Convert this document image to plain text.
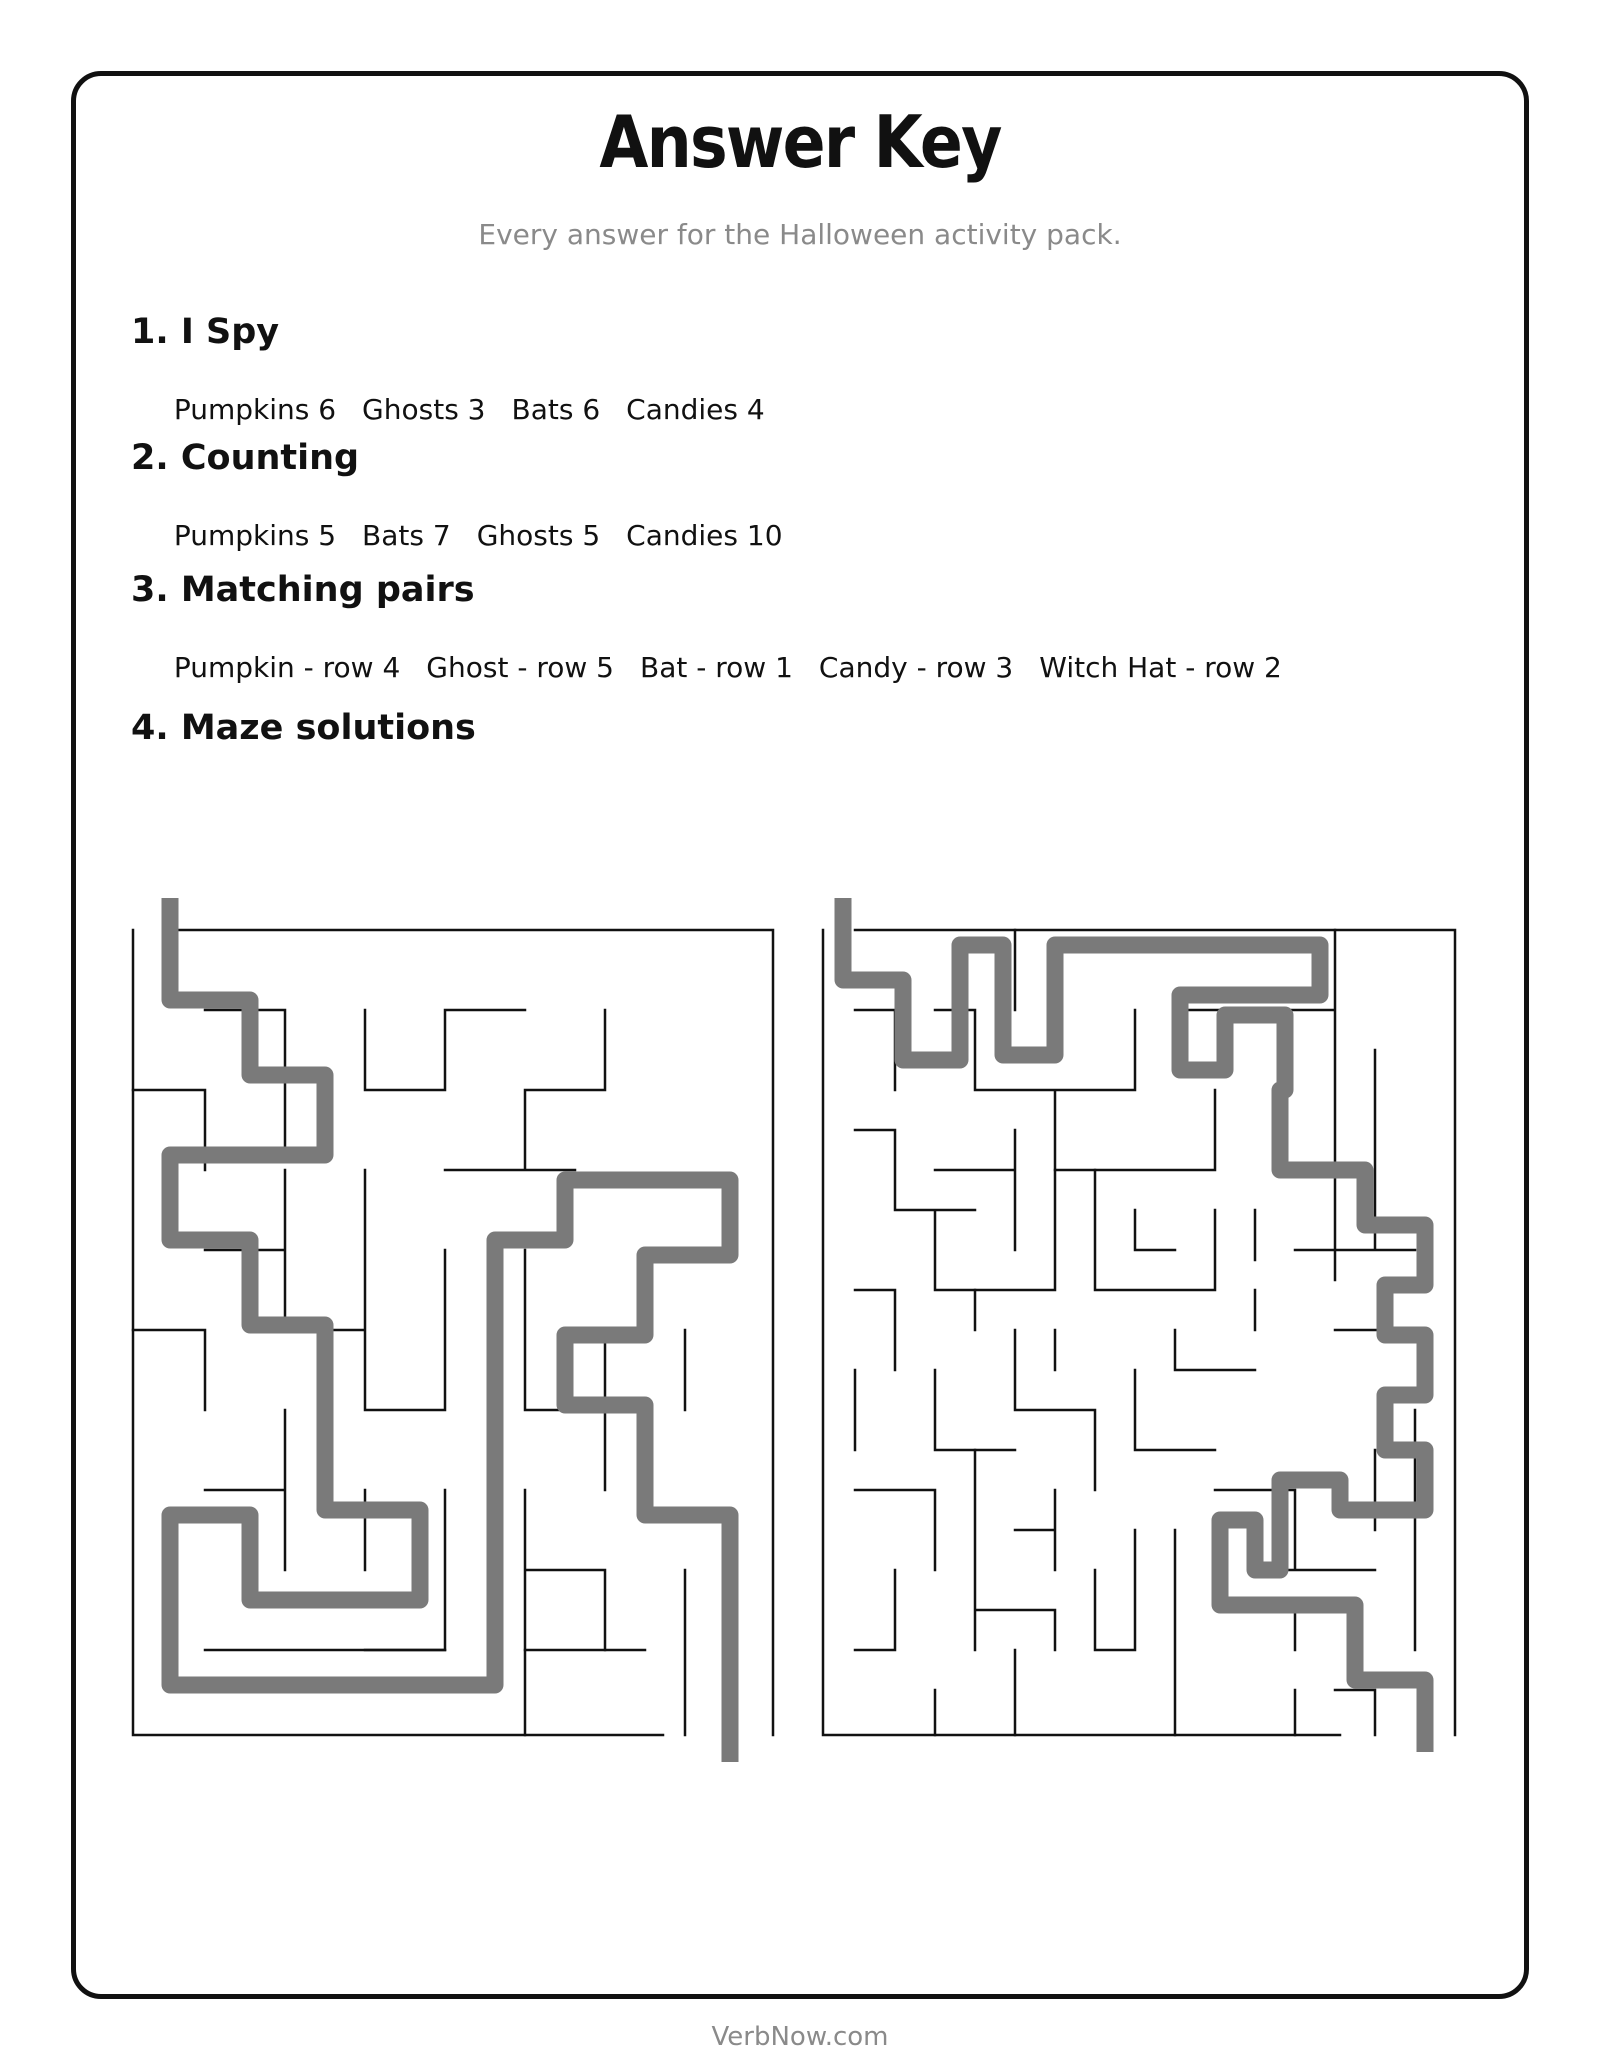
Answer Key
Every answer for the Halloween activity pack.
1. I Spy

Pumpkins 6 Ghosts 3 Bats 6 Candies 4

2. Counting

Pumpkins 5 Bats 7 Ghosts 5 Candies 10

3. Matching pairs

Pumpkin - row 4 Ghost - row 5 Bat - row 1 Candy - row 3 Witch Hat - row 2

4. Maze solutions
VerbNow.com
